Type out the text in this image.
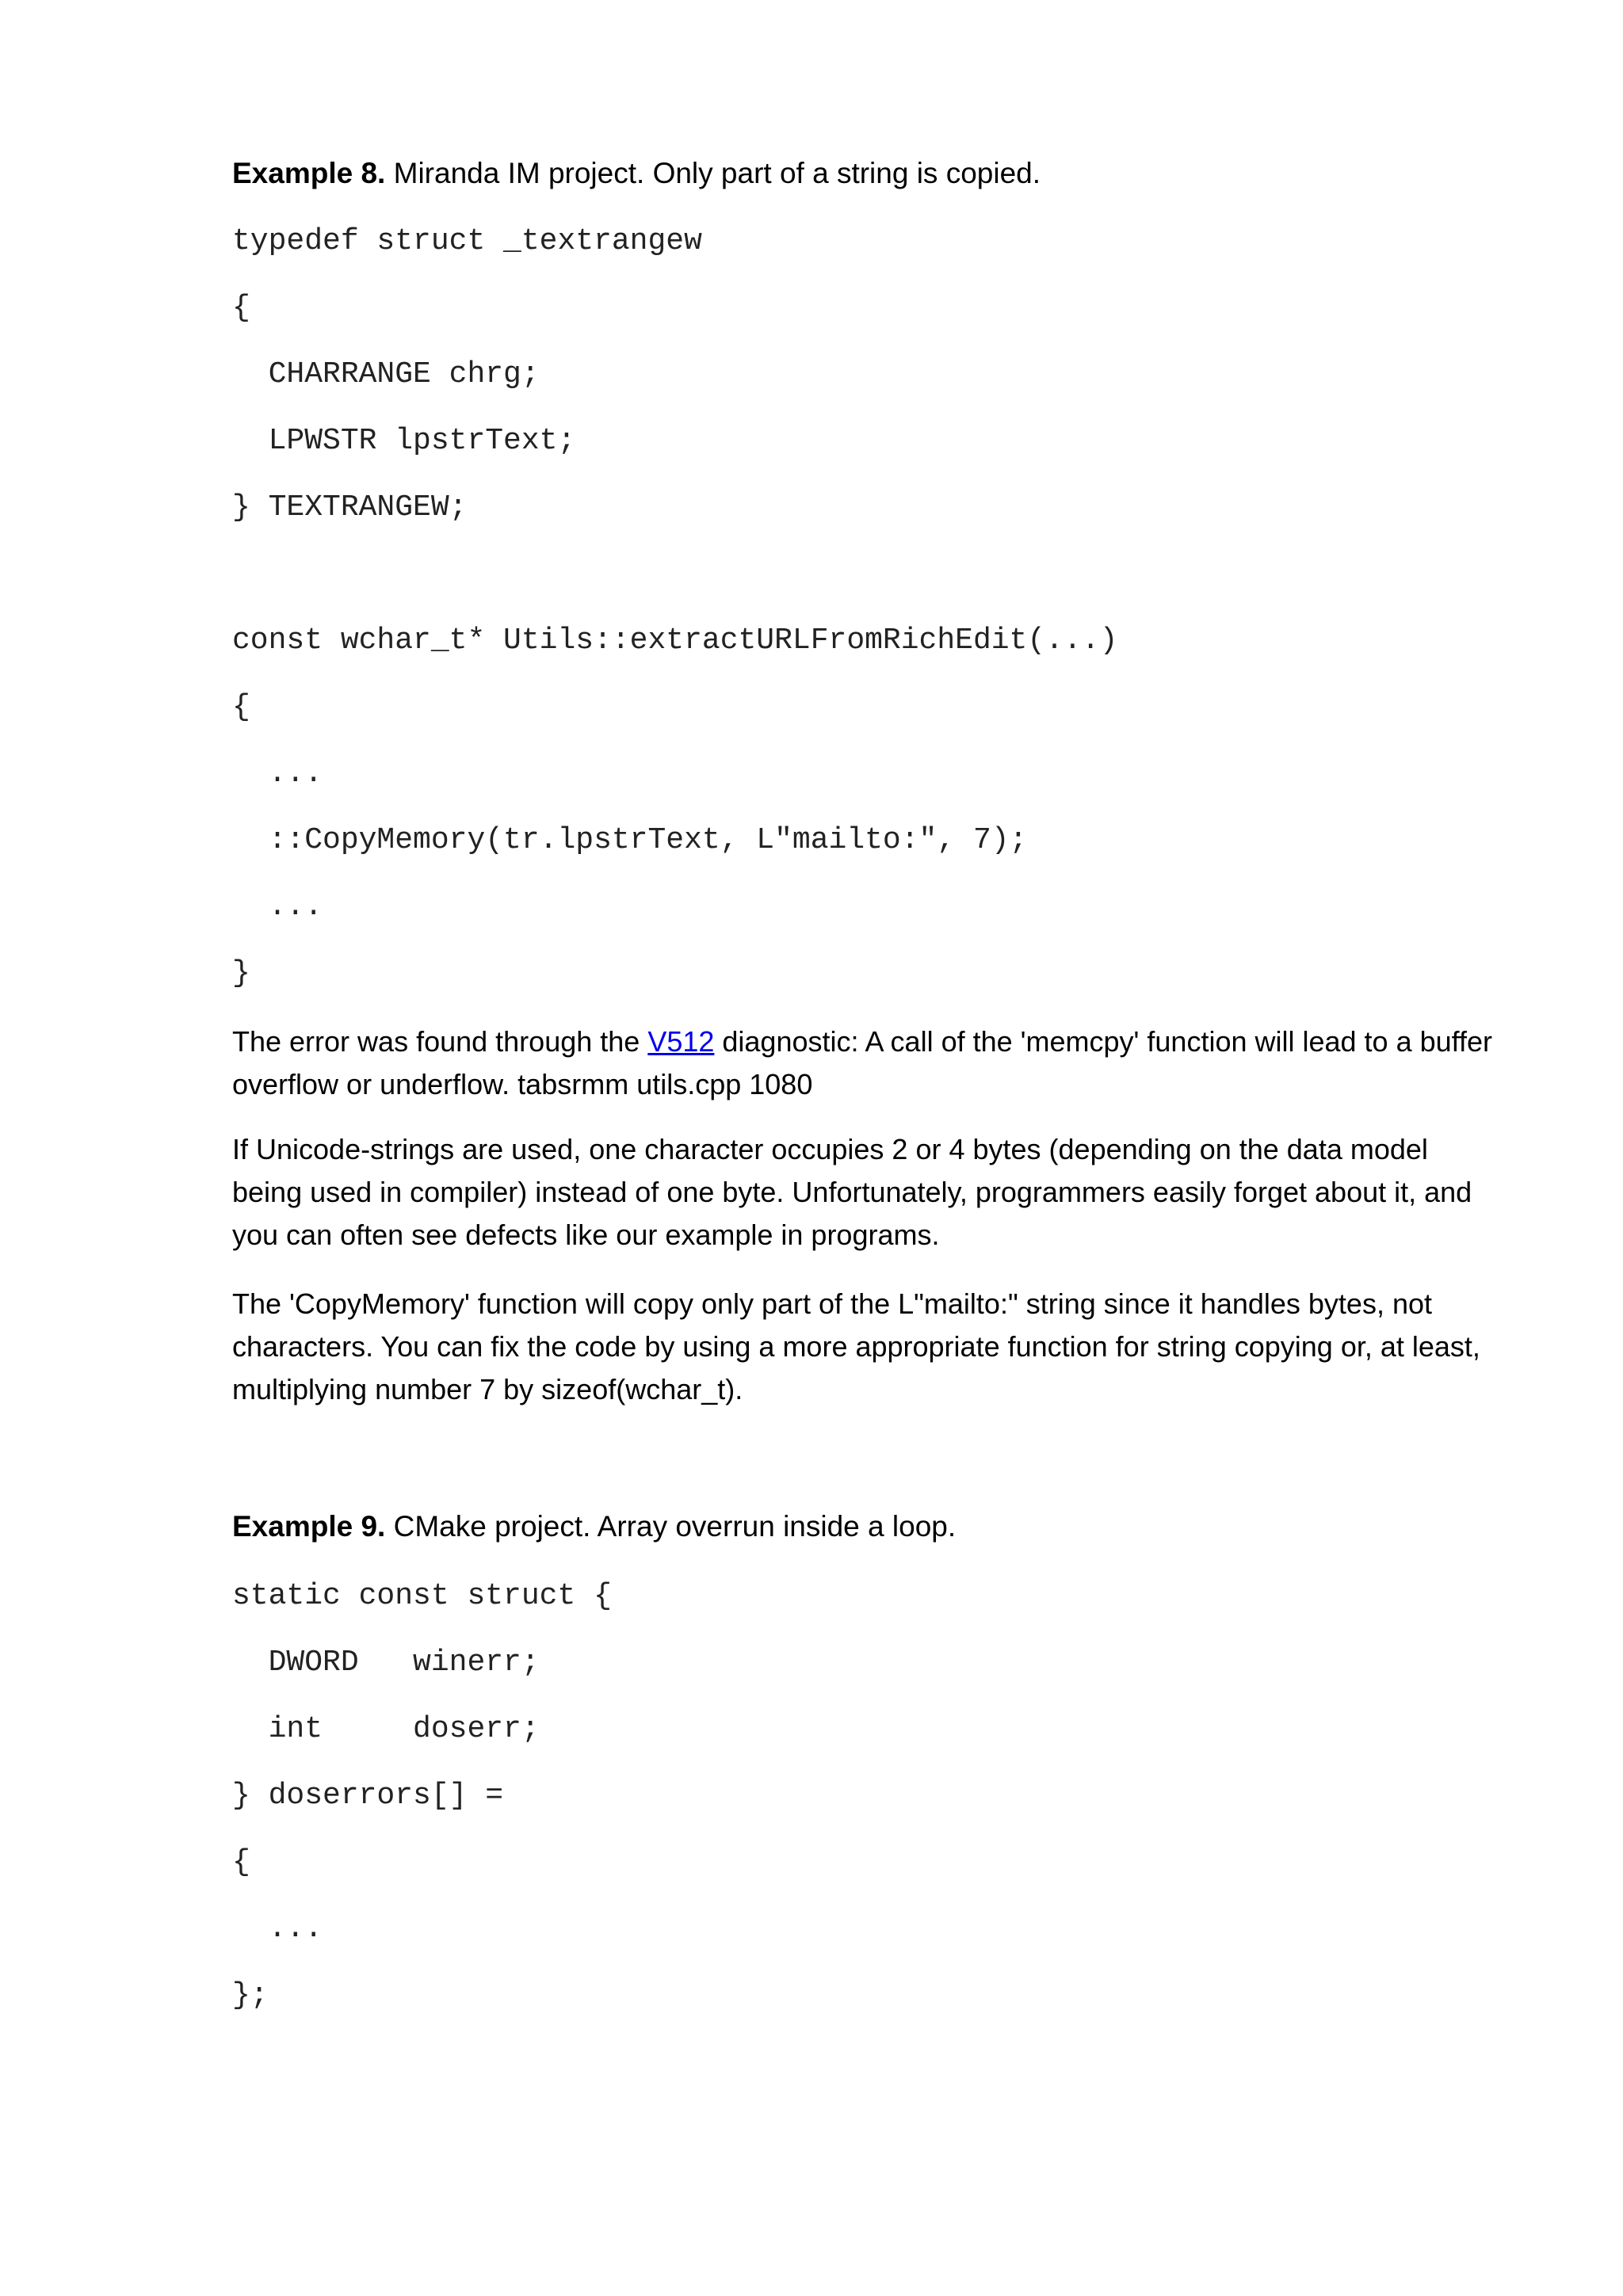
Example 8. Miranda IM project. Only part of a string is copied.
typedef struct _textrangew
{
CHARRANGE chrg;
LPWSTR lpstrText;
} TEXTRANGEW;
const wchar_t* Utils::extractURLFromRichEdit(...)
{
...
::CopyMemory(tr.lpstrText, L"mailto:", 7);
...
}
The error was found through the V512 diagnostic: A call of the 'memcpy' function will lead to a buffer overflow or underflow. tabsrmm utils.cpp 1080
If Unicode-strings are used, one character occupies 2 or 4 bytes (depending on the data model being used in compiler) instead of one byte. Unfortunately, programmers easily forget about it, and you can often see defects like our example in programs.
The 'CopyMemory' function will copy only part of the L"mailto:" string since it handles bytes, not characters. You can fix the code by using a more appropriate function for string copying or, at least, multiplying number 7 by sizeof(wchar_t).
Example 9. CMake project. Array overrun inside a loop.
static const struct {
DWORD   winerr;
int     doserr;
} doserrors[] =
{
...
};
